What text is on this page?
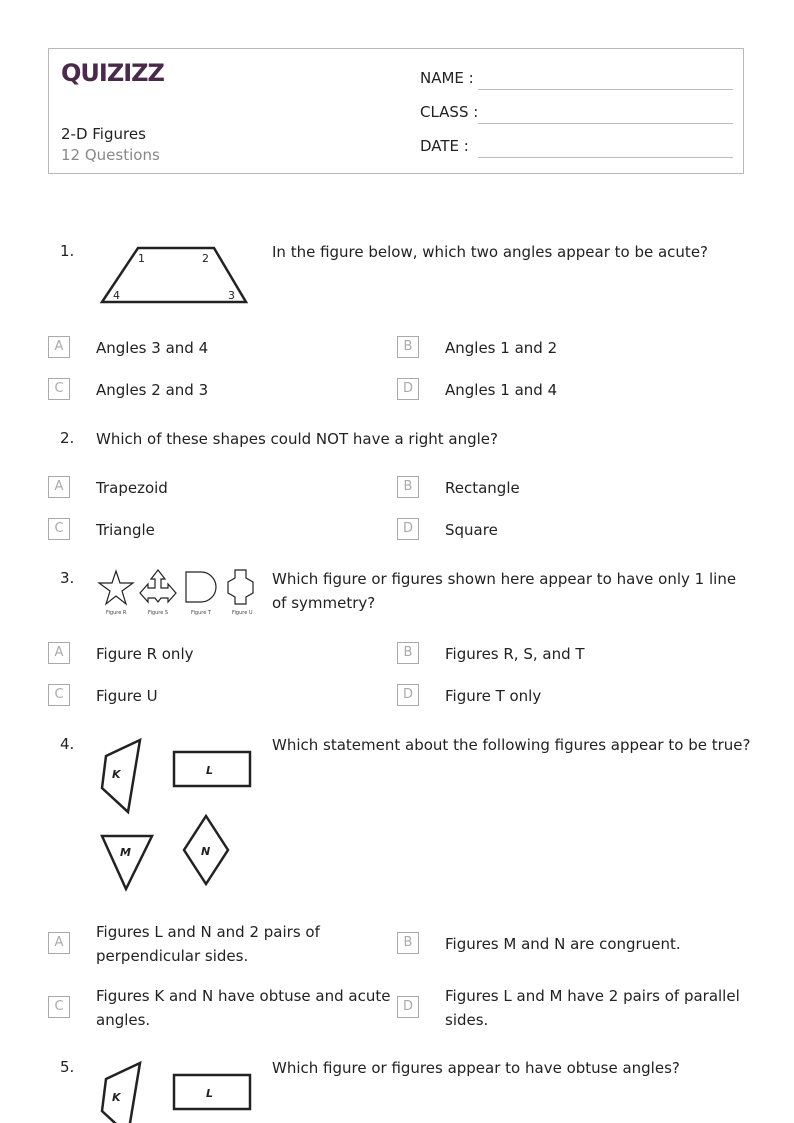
QUIZIZZ
2-D Figures
12 Questions
NAME :
CLASS :
DATE :
1.	1	2
3
4
In the figure below, which two angles appear to be acute?
A	Angles 3 and 4	B	Angles 1 and 2
C	Angles 2 and 3	D	Angles 1 and 4
2. Which of these shapes could NOT have a right angle?
A	Trapezoid	B	Rectangle
C	Triangle	D	Square
3.
Figure R	Figure S	Figure T	Figure U
Which figure or figures shown here appear to have only 1 line
of symmetry?
A	Figure R only	B	Figures R, S, and T
C	Figure U	D	Figure T only
4.
K	L
M	N
Which statement about the following figures appear to be true?
A
Figures L and N and 2 pairs of
perpendicular sides.
B	Figures M and N are congruent.
C
Figures K and N have obtuse and acute
angles.
D
Figures L and M have 2 pairs of parallel
sides.
5.
K	L
Which figure or figures appear to have obtuse angles?
